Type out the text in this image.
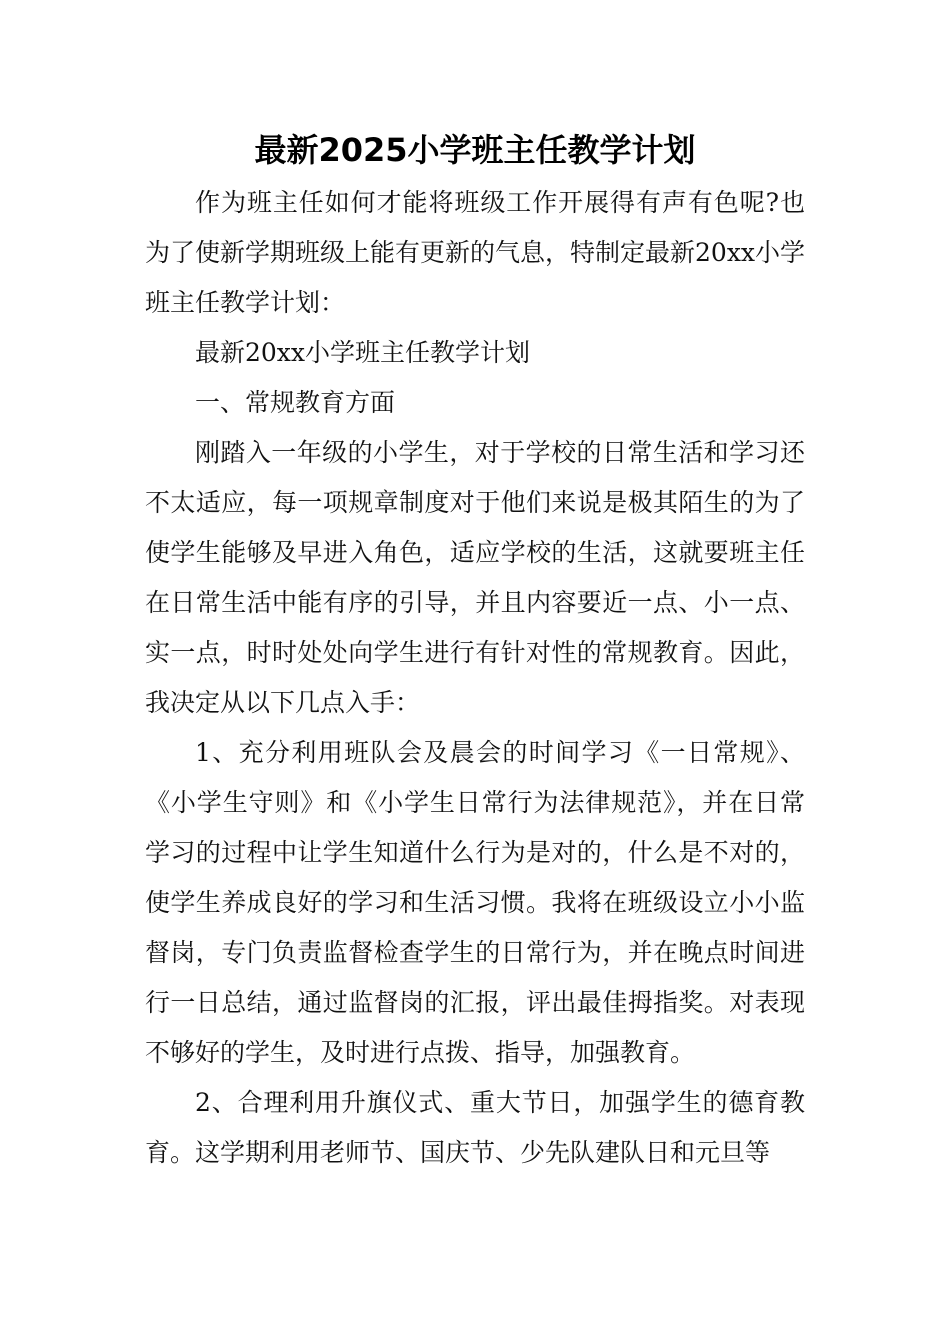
最新2025小学班主任教学计划

作为班主任如何才能将班级工作开展得有声有色呢?也为了使新学期班级上能有更新的气息，特制定最新20xx小学班主任教学计划：

最新20xx小学班主任教学计划

一、常规教育方面

刚踏入一年级的小学生，对于学校的日常生活和学习还不太适应，每一项规章制度对于他们来说是极其陌生的为了使学生能够及早进入角色，适应学校的生活，这就要班主任在日常生活中能有序的引导，并且内容要近一点、小一点、实一点，时时处处向学生进行有针对性的常规教育。因此，我决定从以下几点入手：

1、充分利用班队会及晨会的时间学习《一日常规》、《小学生守则》和《小学生日常行为法律规范》，并在日常学习的过程中让学生知道什么行为是对的，什么是不对的，使学生养成良好的学习和生活习惯。我将在班级设立小小监督岗，专门负责监督检查学生的日常行为，并在晚点时间进行一日总结，通过监督岗的汇报，评出最佳拇指奖。对表现不够好的学生，及时进行点拨、指导，加强教育。

2、合理利用升旗仪式、重大节日，加强学生的德育教育。这学期利用老师节、国庆节、少先队建队日和元旦等
